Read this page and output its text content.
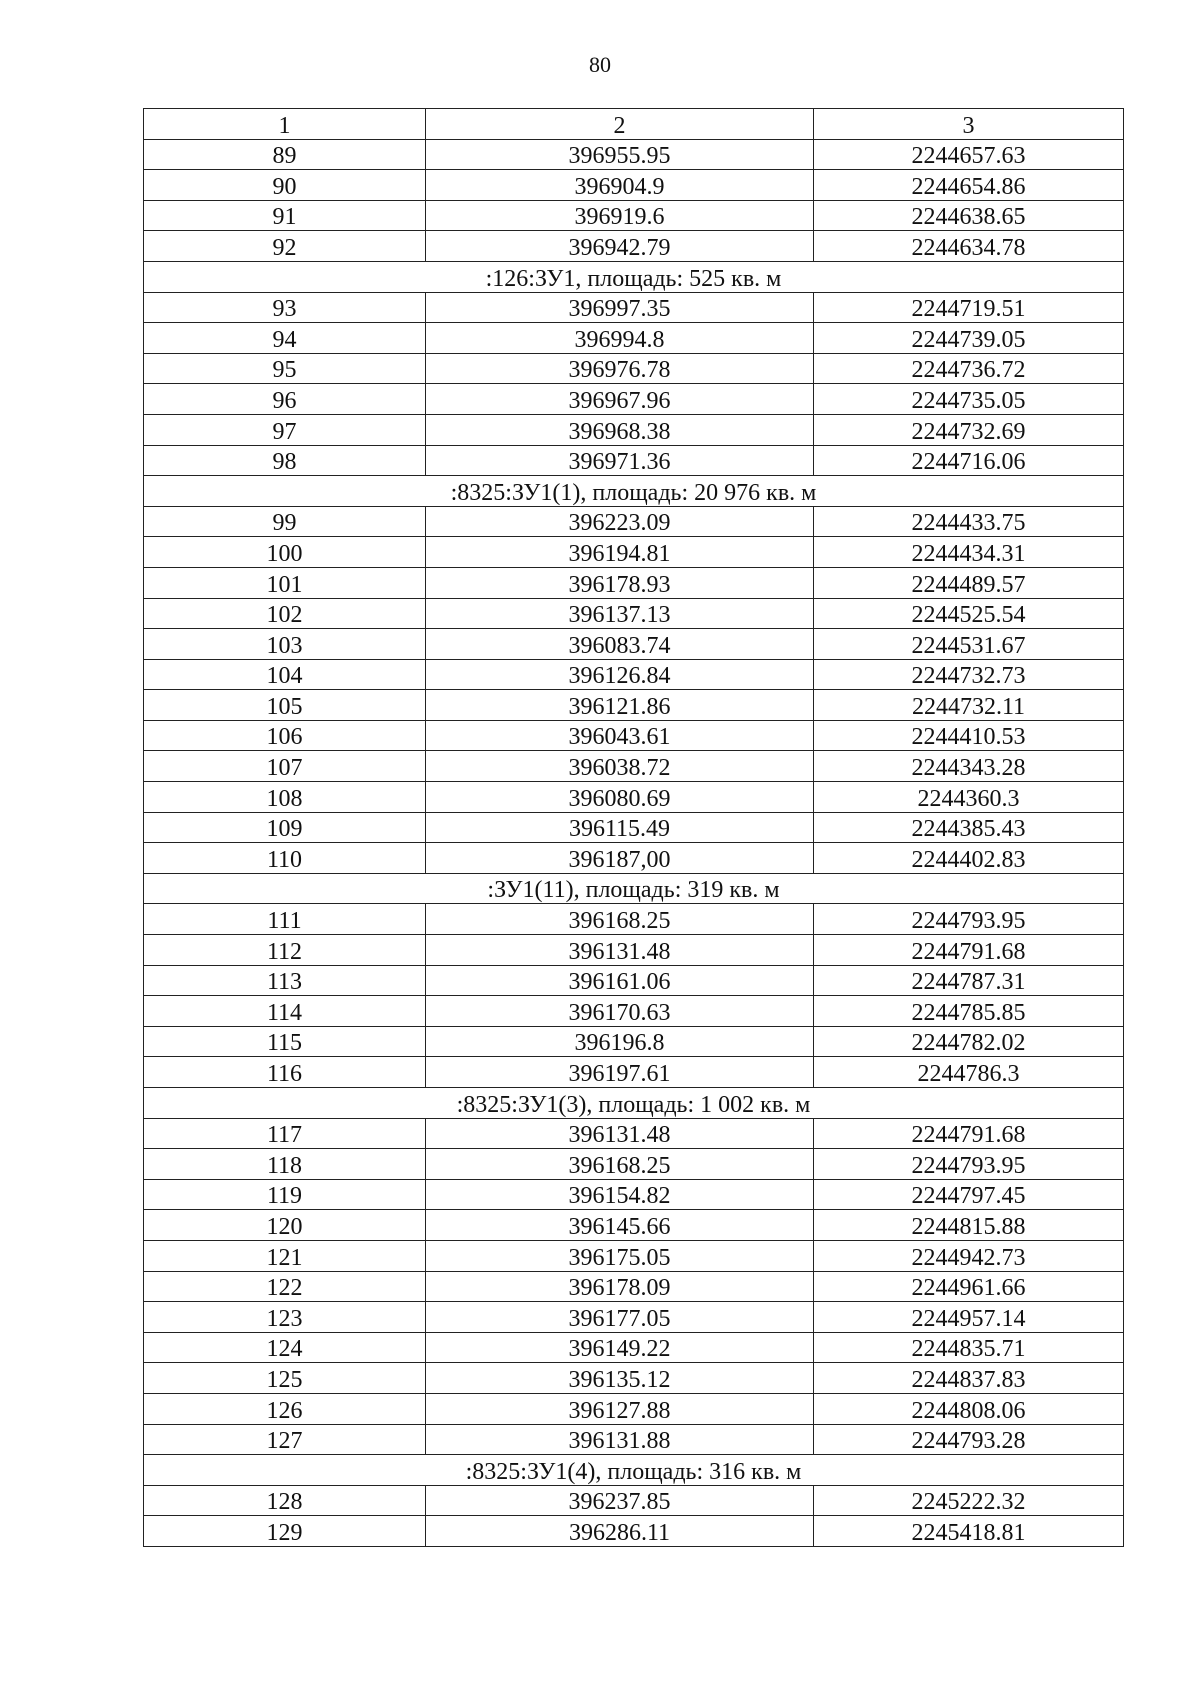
80
1	2	3
89	396955.95	2244657.63
90	396904.9	2244654.86
91	396919.6	2244638.65
92	396942.79	2244634.78
:126:ЗУ1, площадь: 525 кв. м		
93	396997.35	2244719.51
94	396994.8	2244739.05
95	396976.78	2244736.72
96	396967.96	2244735.05
97	396968.38	2244732.69
98	396971.36	2244716.06
:8325:ЗУ1(1), площадь: 20 976 кв. м		
99	396223.09	2244433.75
100	396194.81	2244434.31
101	396178.93	2244489.57
102	396137.13	2244525.54
103	396083.74	2244531.67
104	396126.84	2244732.73
105	396121.86	2244732.11
106	396043.61	2244410.53
107	396038.72	2244343.28
108	396080.69	2244360.3
109	396115.49	2244385.43
110	396187,00	2244402.83
:ЗУ1(11), площадь: 319 кв. м		
111	396168.25	2244793.95
112	396131.48	2244791.68
113	396161.06	2244787.31
114	396170.63	2244785.85
115	396196.8	2244782.02
116	396197.61	2244786.3
:8325:ЗУ1(3), площадь: 1 002 кв. м		
117	396131.48	2244791.68
118	396168.25	2244793.95
119	396154.82	2244797.45
120	396145.66	2244815.88
121	396175.05	2244942.73
122	396178.09	2244961.66
123	396177.05	2244957.14
124	396149.22	2244835.71
125	396135.12	2244837.83
126	396127.88	2244808.06
127	396131.88	2244793.28
:8325:ЗУ1(4), площадь: 316 кв. м		
128	396237.85	2245222.32
129	396286.11	2245418.81
